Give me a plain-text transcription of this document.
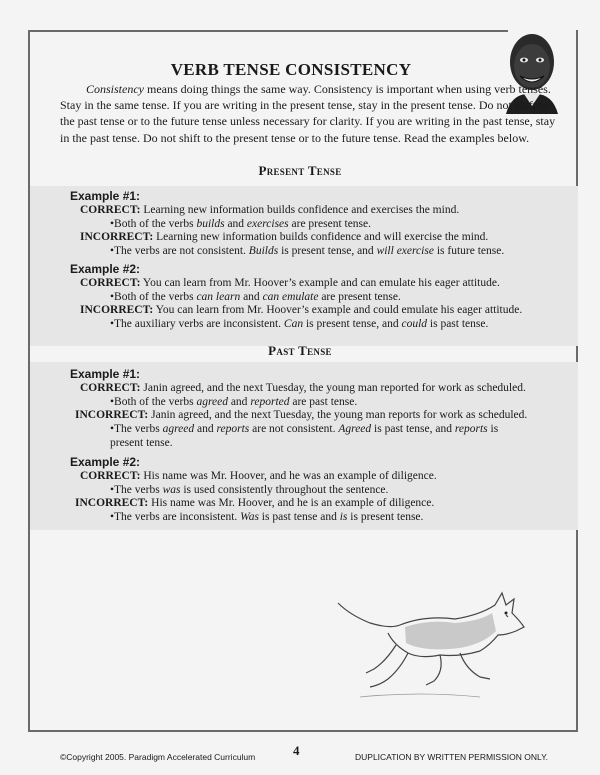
VERB TENSE CONSISTENCY

Consistency means doing things the same way. Consistency is important when using verb tenses. Stay in the same tense. If you are writing in the present tense, stay in the present tense. Do not shift to the past tense or to the future tense unless necessary for clarity. If you are writing in the past tense, stay in the past tense. Do not shift to the present tense or to the future tense. Read the examples below.

Present Tense
Example #1:
CORRECT: Learning new information builds confidence and exercises the mind.
•Both of the verbs builds and exercises are present tense.
INCORRECT: Learning new information builds confidence and will exercise the mind.
•The verbs are not consistent. Builds is present tense, and will exercise is future tense.
Example #2:
CORRECT: You can learn from Mr. Hoover’s example and can emulate his eager attitude.
•Both of the verbs can learn and can emulate are present tense.
INCORRECT: You can learn from Mr. Hoover’s example and could emulate his eager attitude.
•The auxiliary verbs are inconsistent. Can is present tense, and could is past tense.
Past Tense
Example #1:
CORRECT: Janin agreed, and the next Tuesday, the young man reported for work as scheduled.
•Both of the verbs agreed and reported are past tense.
INCORRECT: Janin agreed, and the next Tuesday, the young man reports for work as scheduled.
•The verbs agreed and reports are not consistent. Agreed is past tense, and reports is present tense.
Example #2:
CORRECT: His name was Mr. Hoover, and he was an example of diligence.
•The verbs was is used consistently throughout the sentence.
INCORRECT: His name was Mr. Hoover, and he is an example of diligence.
•The verbs are inconsistent. Was is past tense and is is present tense.
©Copyright 2005. Paradigm Accelerated Curriculum	4	DUPLICATION BY WRITTEN PERMISSION ONLY.
